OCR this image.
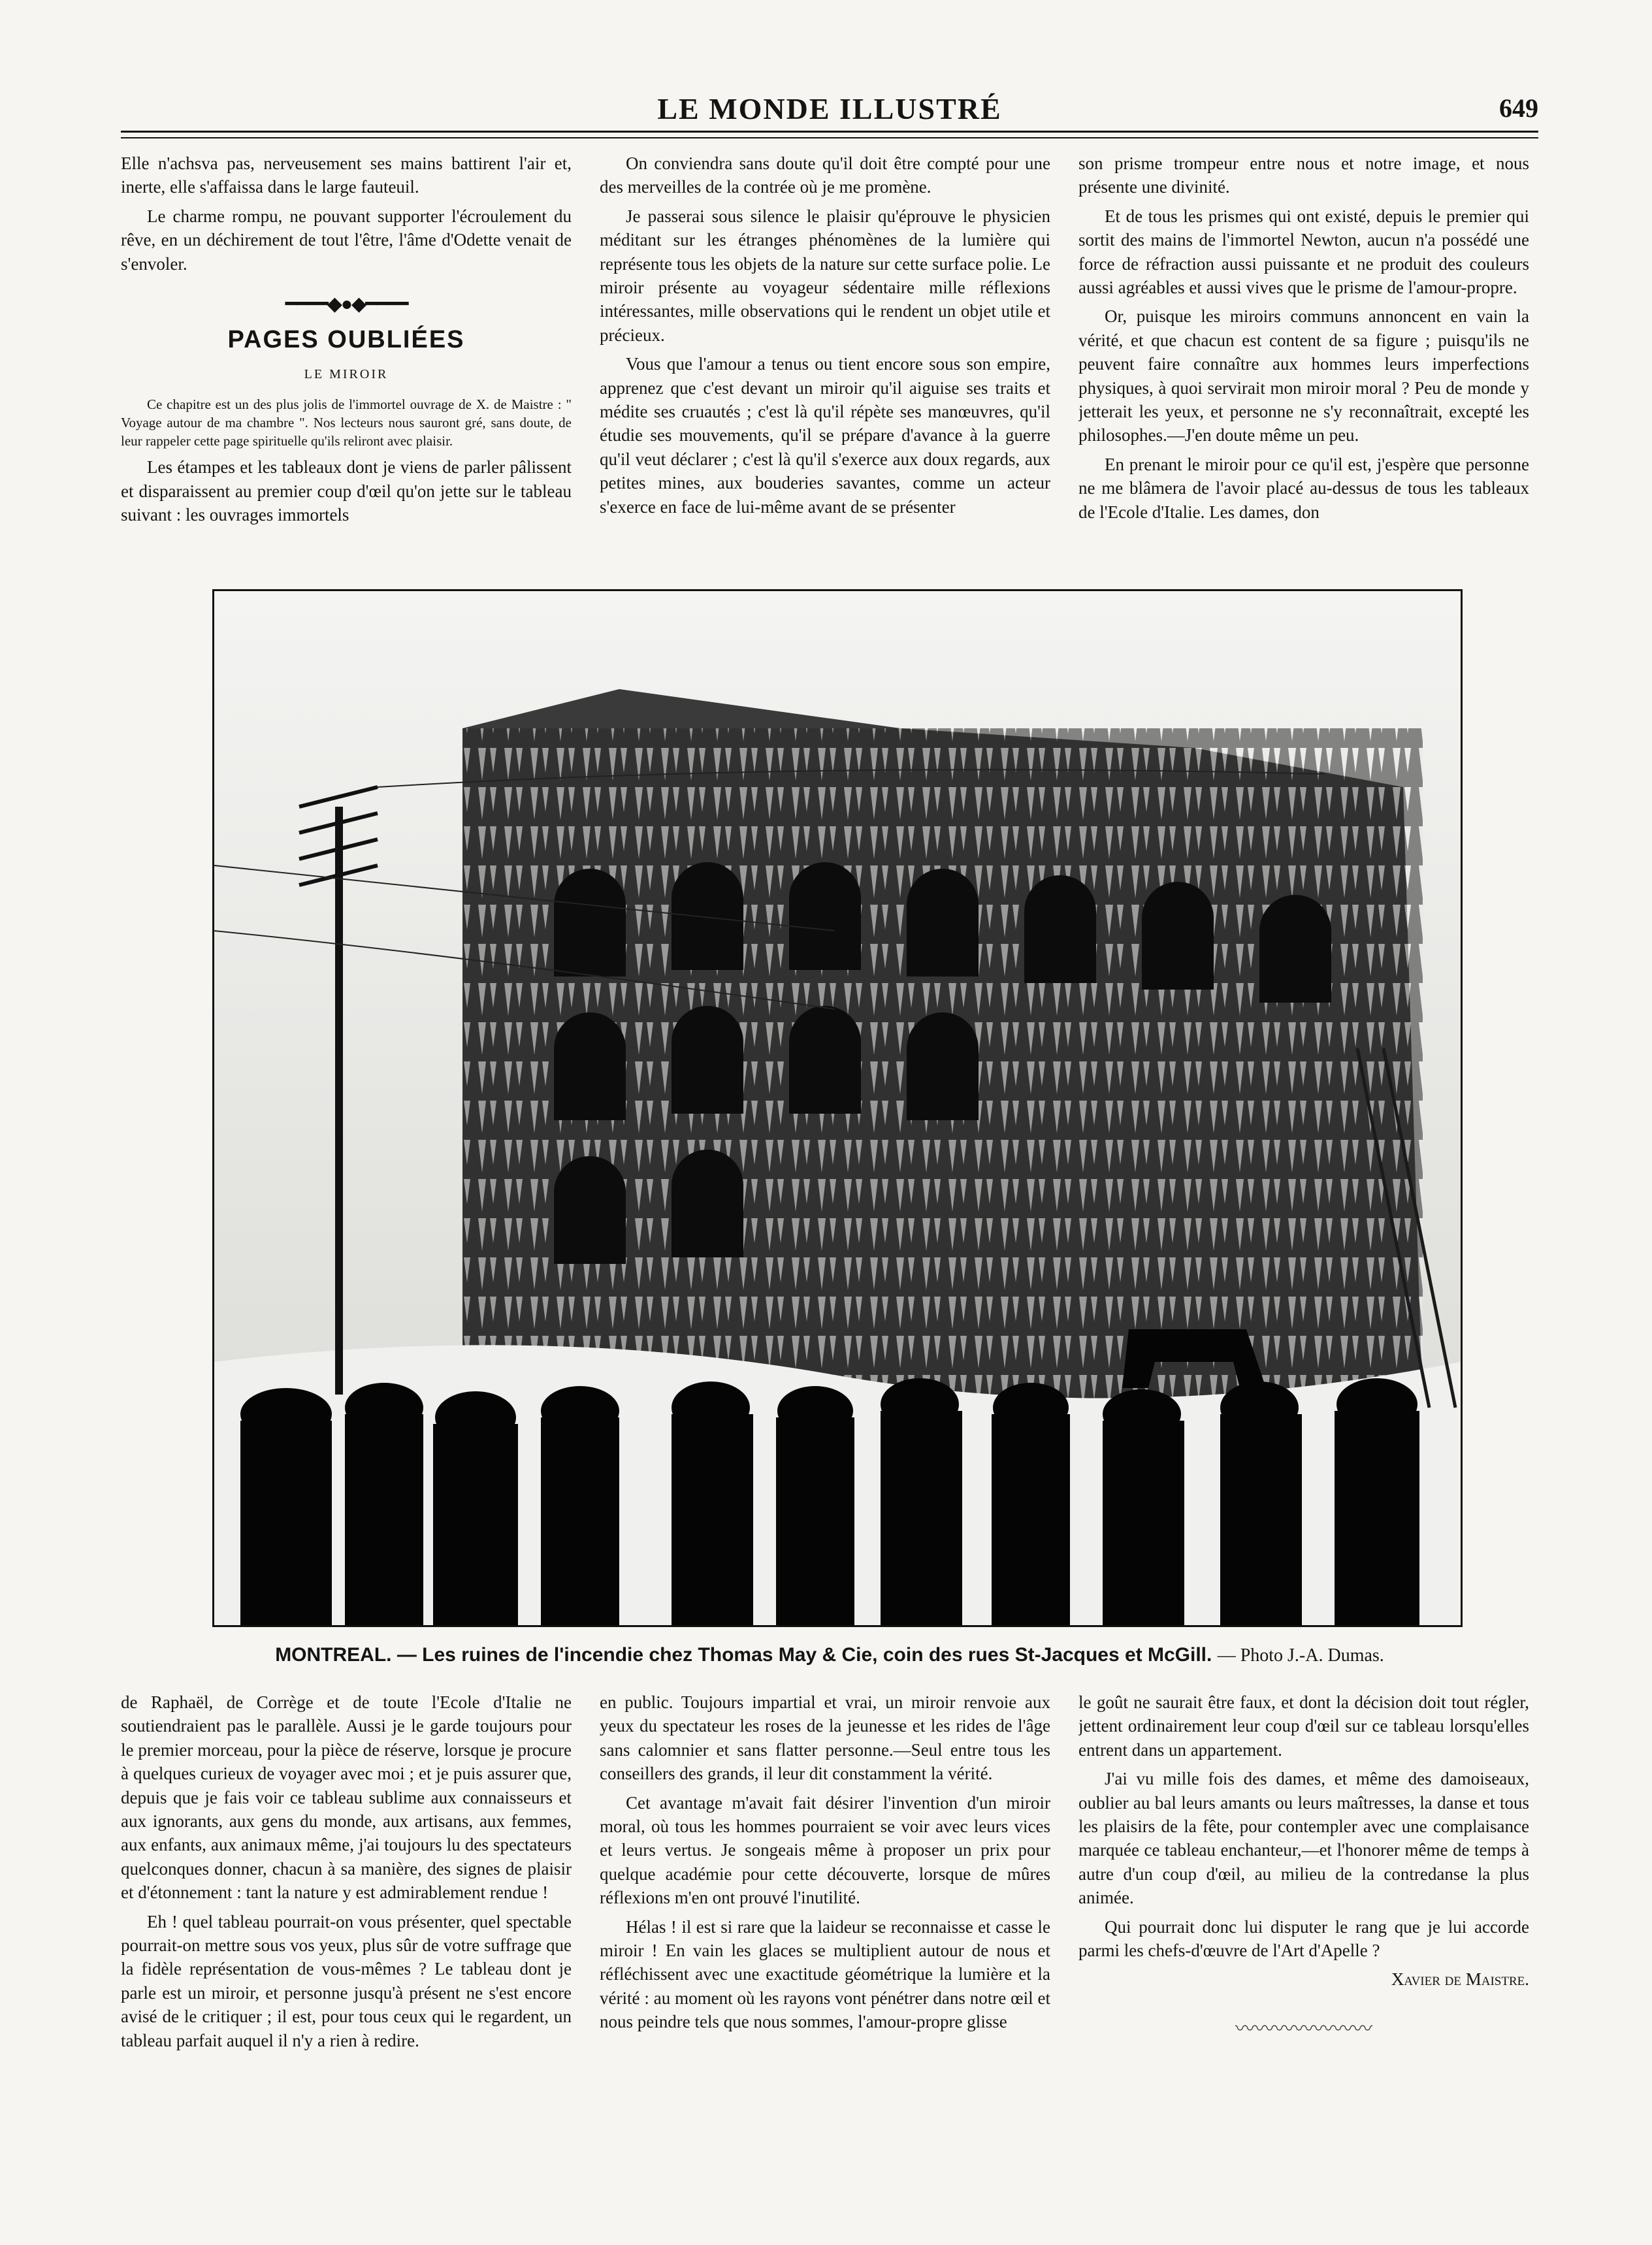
LE MONDE ILLUSTRÉ	649

Elle n'achsva pas, nerveusement ses mains battirent l'air et, inerte, elle s'affaissa dans le large fauteuil.

Le charme rompu, ne pouvant supporter l'écroulement du rêve, en un déchirement de tout l'être, l'âme d'Odette venait de s'envoler.

━━━━◆●◆━━━━
PAGES OUBLIÉES
LE MIROIR

Ce chapitre est un des plus jolis de l'immortel ouvrage de X. de Maistre : " Voyage autour de ma chambre ". Nos lecteurs nous sauront gré, sans doute, de leur rappeler cette page spirituelle qu'ils reliront avec plaisir.

Les étampes et les tableaux dont je viens de parler pâlissent et disparaissent au premier coup d'œil qu'on jette sur le tableau suivant : les ouvrages immortels

On conviendra sans doute qu'il doit être compté pour une des merveilles de la contrée où je me promène.

Je passerai sous silence le plaisir qu'éprouve le physicien méditant sur les étranges phénomènes de la lumière qui représente tous les objets de la nature sur cette surface polie. Le miroir présente au voyageur sédentaire mille réflexions intéressantes, mille observations qui le rendent un objet utile et précieux.

Vous que l'amour a tenus ou tient encore sous son empire, apprenez que c'est devant un miroir qu'il aiguise ses traits et médite ses cruautés ; c'est là qu'il répète ses manœuvres, qu'il étudie ses mouvements, qu'il se prépare d'avance à la guerre qu'il veut déclarer ; c'est là qu'il s'exerce aux doux regards, aux petites mines, aux bouderies savantes, comme un acteur s'exerce en face de lui-même avant de se présenter

son prisme trompeur entre nous et notre image, et nous présente une divinité.

Et de tous les prismes qui ont existé, depuis le premier qui sortit des mains de l'immortel Newton, aucun n'a possédé une force de réfraction aussi puissante et ne produit des couleurs aussi agréables et aussi vives que le prisme de l'amour-propre.

Or, puisque les miroirs communs annoncent en vain la vérité, et que chacun est content de sa figure ; puisqu'ils ne peuvent faire connaître aux hommes leurs imperfections physiques, à quoi servirait mon miroir moral ? Peu de monde y jetterait les yeux, et personne ne s'y reconnaîtrait, excepté les philosophes.—J'en doute même un peu.

En prenant le miroir pour ce qu'il est, j'espère que personne ne me blâmera de l'avoir placé au-dessus de tous les tableaux de l'Ecole d'Italie. Les dames, don

MONTREAL. — Les ruines de l'incendie chez Thomas May & Cie, coin des rues St-Jacques et McGill. — Photo J.-A. Dumas.

de Raphaël, de Corrège et de toute l'Ecole d'Italie ne soutiendraient pas le parallèle. Aussi je le garde toujours pour le premier morceau, pour la pièce de réserve, lorsque je procure à quelques curieux de voyager avec moi ; et je puis assurer que, depuis que je fais voir ce tableau sublime aux connaisseurs et aux ignorants, aux gens du monde, aux artisans, aux femmes, aux enfants, aux animaux même, j'ai toujours lu des spectateurs quelconques donner, chacun à sa manière, des signes de plaisir et d'étonnement : tant la nature y est admirablement rendue !

Eh ! quel tableau pourrait-on vous présenter, quel spectable pourrait-on mettre sous vos yeux, plus sûr de votre suffrage que la fidèle représentation de vous-mêmes ? Le tableau dont je parle est un miroir, et personne jusqu'à présent ne s'est encore avisé de le critiquer ; il est, pour tous ceux qui le regardent, un tableau parfait auquel il n'y a rien à redire.

en public. Toujours impartial et vrai, un miroir renvoie aux yeux du spectateur les roses de la jeunesse et les rides de l'âge sans calomnier et sans flatter personne.—Seul entre tous les conseillers des grands, il leur dit constamment la vérité.

Cet avantage m'avait fait désirer l'invention d'un miroir moral, où tous les hommes pourraient se voir avec leurs vices et leurs vertus. Je songeais même à proposer un prix pour quelque académie pour cette découverte, lorsque de mûres réflexions m'en ont prouvé l'inutilité.

Hélas ! il est si rare que la laideur se reconnaisse et casse le miroir ! En vain les glaces se multiplient autour de nous et réfléchissent avec une exactitude géométrique la lumière et la vérité : au moment où les rayons vont pénétrer dans notre œil et nous peindre tels que nous sommes, l'amour-propre glisse

le goût ne saurait être faux, et dont la décision doit tout régler, jettent ordinairement leur coup d'œil sur ce tableau lorsqu'elles entrent dans un appartement.

J'ai vu mille fois des dames, et même des damoiseaux, oublier au bal leurs amants ou leurs maîtresses, la danse et tous les plaisirs de la fête, pour contempler avec une complaisance marquée ce tableau enchanteur,—et l'honorer même de temps à autre d'un coup d'œil, au milieu de la contredanse la plus animée.

Qui pourrait donc lui disputer le rang que je lui accorde parmi les chefs-d'œuvre de l'Art d'Apelle ?

Xavier de Maistre.

〰〰〰〰〰〰〰
